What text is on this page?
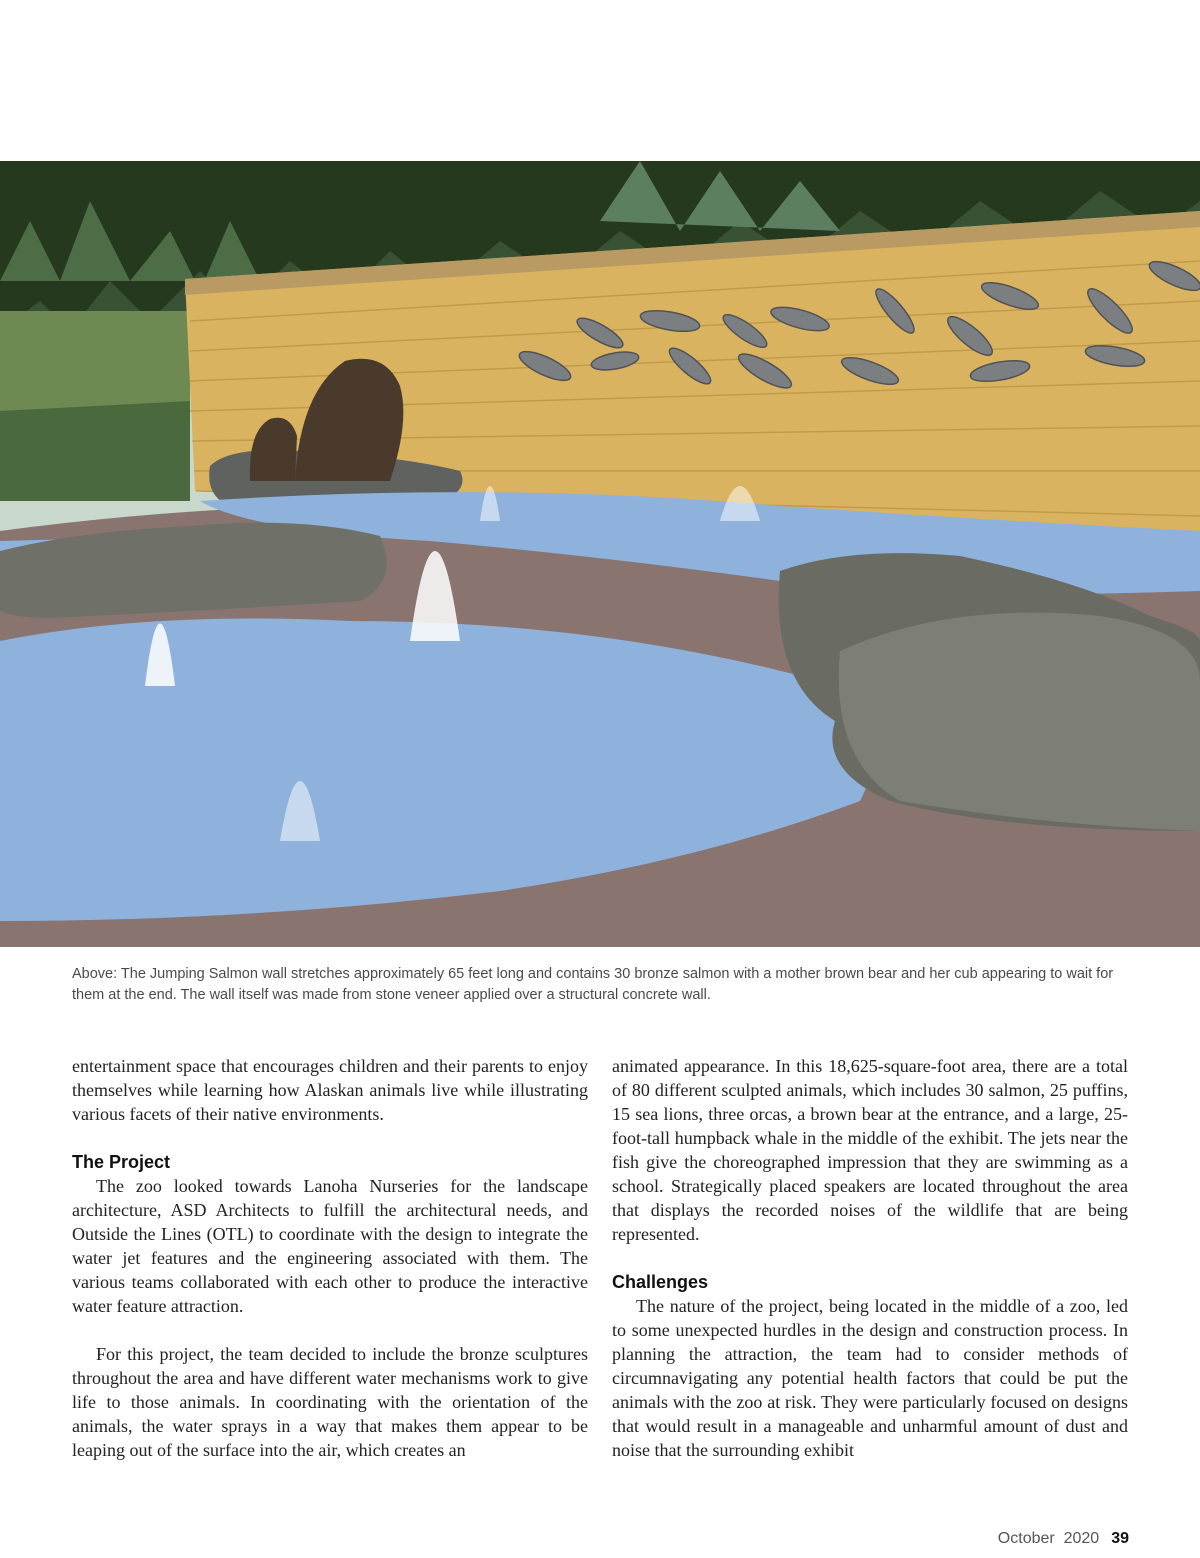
Above: The Jumping Salmon wall stretches approximately 65 feet long and contains 30 bronze salmon with a mother brown bear and her cub appearing to wait for them at the end. The wall itself was made from stone veneer applied over a structural concrete wall.

entertainment space that encourages children and their parents to enjoy themselves while learning how Alaskan animals live while illustrating various facets of their native environments.

The Project

The zoo looked towards Lanoha Nurseries for the landscape architecture, ASD Architects to fulfill the architectural needs, and Outside the Lines (OTL) to coordinate with the design to integrate the water jet features and the engineering associated with them. The various teams collaborated with each other to produce the interactive water feature attraction.

For this project, the team decided to include the bronze sculptures throughout the area and have different water mechanisms work to give life to those animals. In coordinating with the orientation of the animals, the water sprays in a way that makes them appear to be leaping out of the surface into the air, which creates an

animated appearance. In this 18,625-square-foot area, there are a total of 80 different sculpted animals, which includes 30 salmon, 25 puffins, 15 sea lions, three orcas, a brown bear at the entrance, and a large, 25-foot-tall humpback whale in the middle of the exhibit. The jets near the fish give the choreographed impression that they are swimming as a school. Strategically placed speakers are located throughout the area that displays the recorded noises of the wildlife that are being represented.

Challenges

The nature of the project, being located in the middle of a zoo, led to some unexpected hurdles in the design and construction process. In planning the attraction, the team had to consider methods of circumnavigating any potential health factors that could be put the animals with the zoo at risk. They were particularly focused on designs that would result in a manageable and unharmful amount of dust and noise that the surrounding exhibit

October  2020 39
